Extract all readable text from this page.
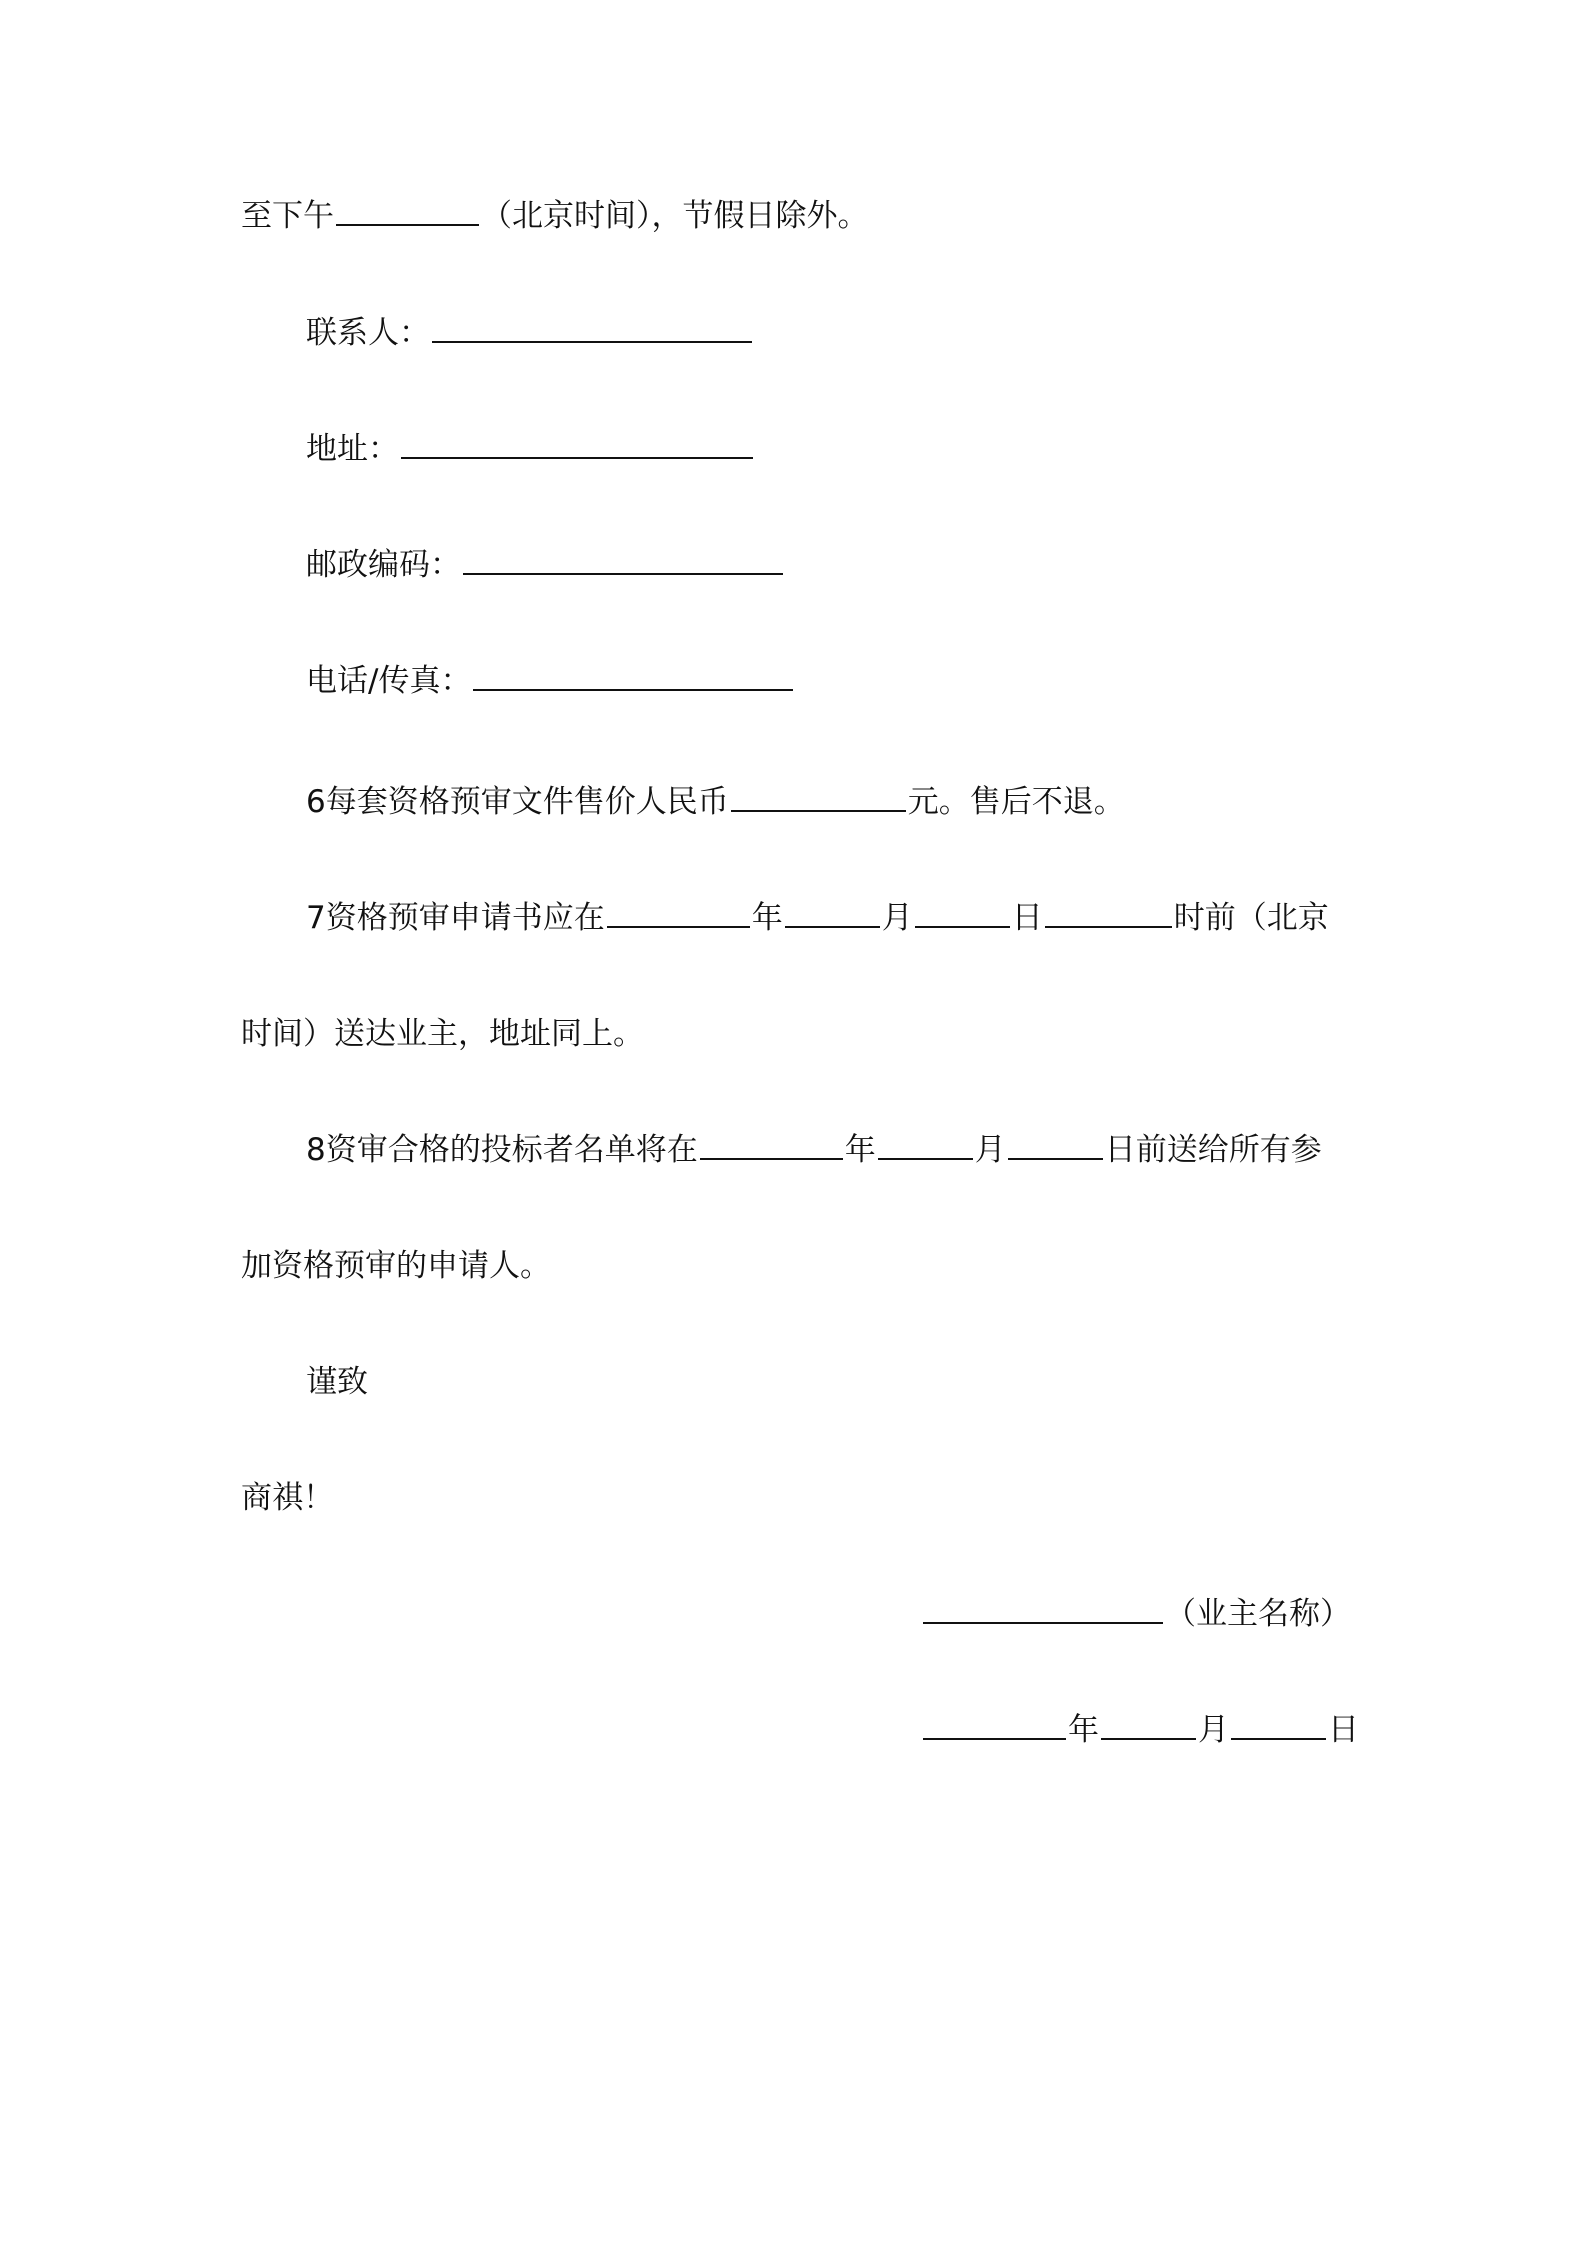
至下午	（北京时间），节假日除外。
联系人：
地址：
邮政编码：
电话/传真：
6每套资格预审文件售价人民币	元。售后不退。
7资格预审申请书应在	年	月	日	时前（北京
时间）送达业主，地址同上。
8资审合格的投标者名单将在	年	月	日前送给所有参
加资格预审的申请人。
谨致
商祺！
（业主名称）
年	月	日
